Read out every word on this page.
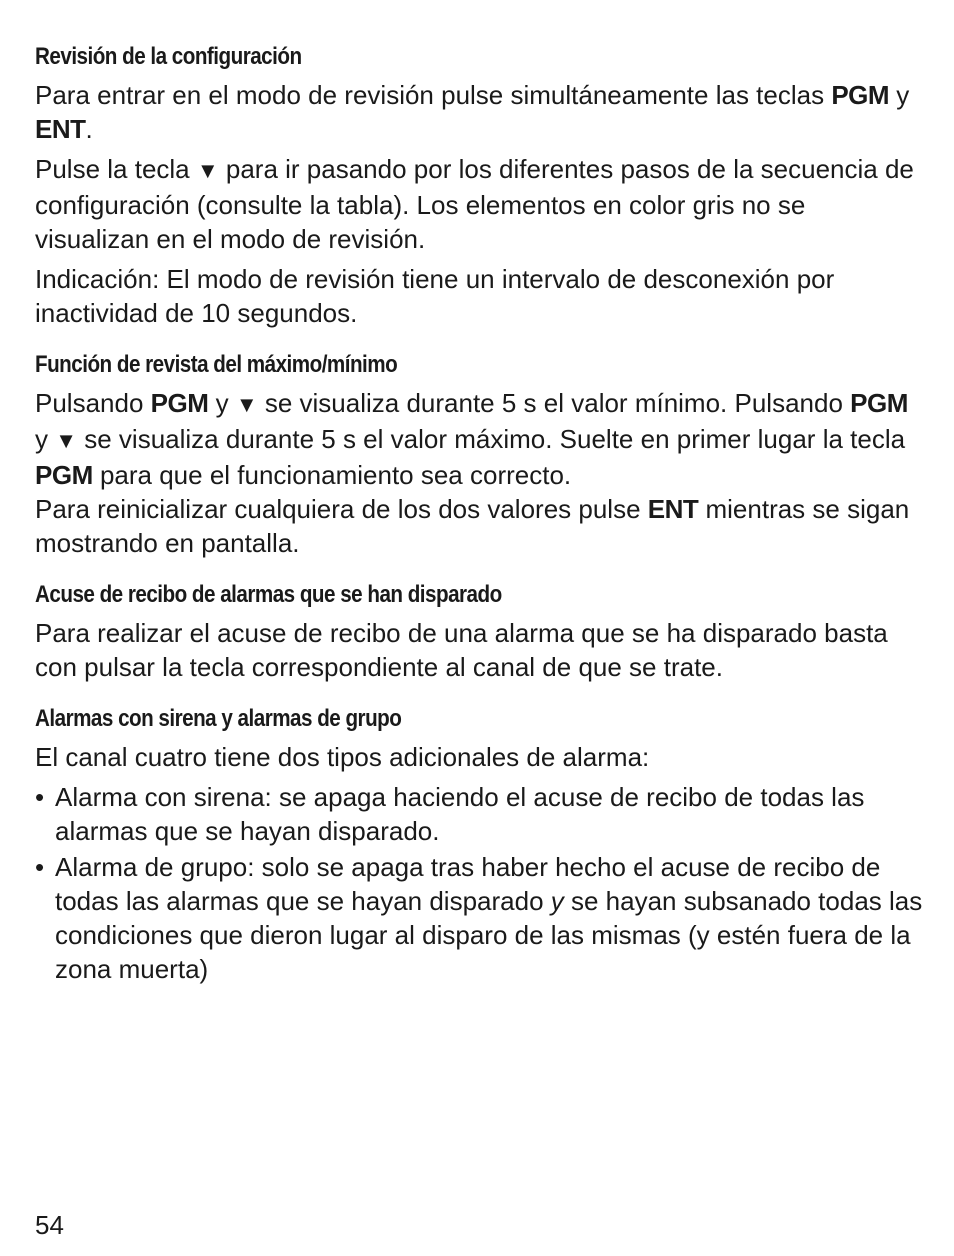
Revisión de la configuración

Para entrar en el modo de revisión pulse simultáneamente las teclas PGM y ENT.

Pulse la tecla ▼ para ir pasando por los diferentes pasos de la secuencia de configuración (consulte la tabla). Los elementos en color gris no se visualizan en el modo de revisión.

Indicación: El modo de revisión tiene un intervalo de desconexión por inactividad de 10 segundos.

Función de revista del máximo/mínimo

Pulsando PGM y ▼ se visualiza durante 5 s el valor mínimo. Pulsando PGM y ▼ se visualiza durante 5 s el valor máximo. Suelte en primer lugar la tecla PGM para que el funcionamiento sea correcto.

Para reinicializar cualquiera de los dos valores pulse ENT mientras se sigan mostrando en pantalla.

Acuse de recibo de alarmas que se han disparado

Para realizar el acuse de recibo de una alarma que se ha disparado basta con pulsar la tecla correspondiente al canal de que se trate.

Alarmas con sirena y alarmas de grupo

El canal cuatro tiene dos tipos adicionales de alarma:

• Alarma con sirena: se apaga haciendo el acuse de recibo de todas las alarmas que se hayan disparado.
• Alarma de grupo: solo se apaga tras haber hecho el acuse de recibo de todas las alarmas que se hayan disparado y se hayan subsanado todas las condiciones que dieron lugar al disparo de las mismas (y estén fuera de la zona muerta)
54
